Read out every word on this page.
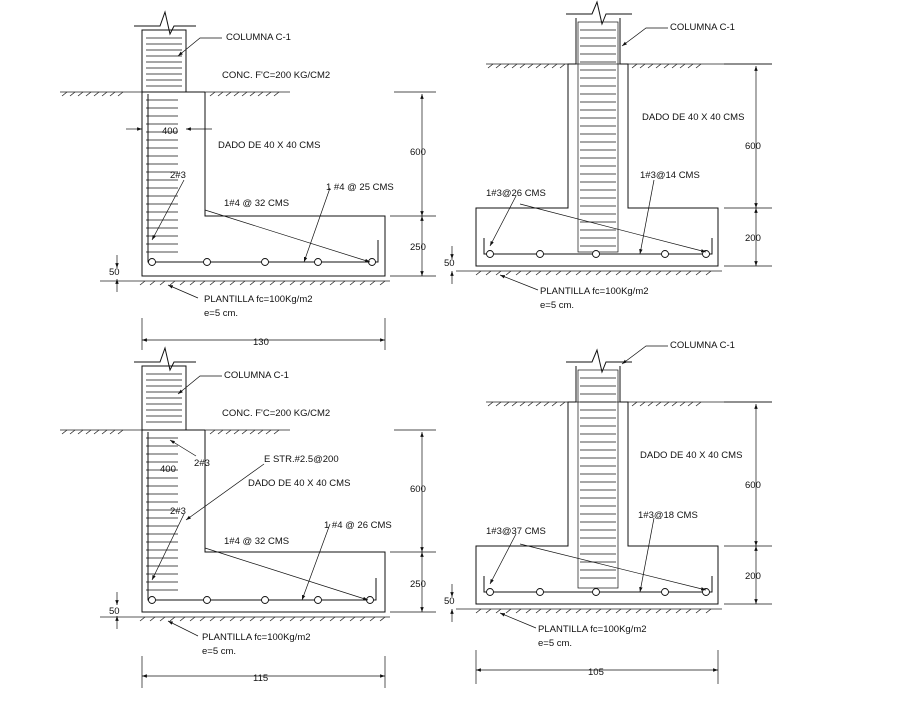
COLUMNA C-1
CONC. F'C=200 KG/CM2
DADO DE 40 X 40 CMS
400
2#3
1#4 @ 32 CMS
1 #4 @ 25 CMS
600
250
50
PLANTILLA fc=100Kg/m2
e=5 cm.
130
COLUMNA C-1
DADO DE 40 X 40 CMS
1#3@26 CMS
1#3@14 CMS
600
200
50
PLANTILLA fc=100Kg/m2
e=5 cm.
COLUMNA C-1
CONC. F'C=200 KG/CM2
DADO DE 40 X 40 CMS
400
2#3
2#3
E STR.#2.5@200
1#4 @ 32 CMS
1 #4 @ 26 CMS
600
250
50
PLANTILLA fc=100Kg/m2
e=5 cm.
115
COLUMNA C-1
DADO DE 40 X 40 CMS
1#3@37 CMS
1#3@18 CMS
600
200
50
PLANTILLA fc=100Kg/m2
e=5 cm.
105
